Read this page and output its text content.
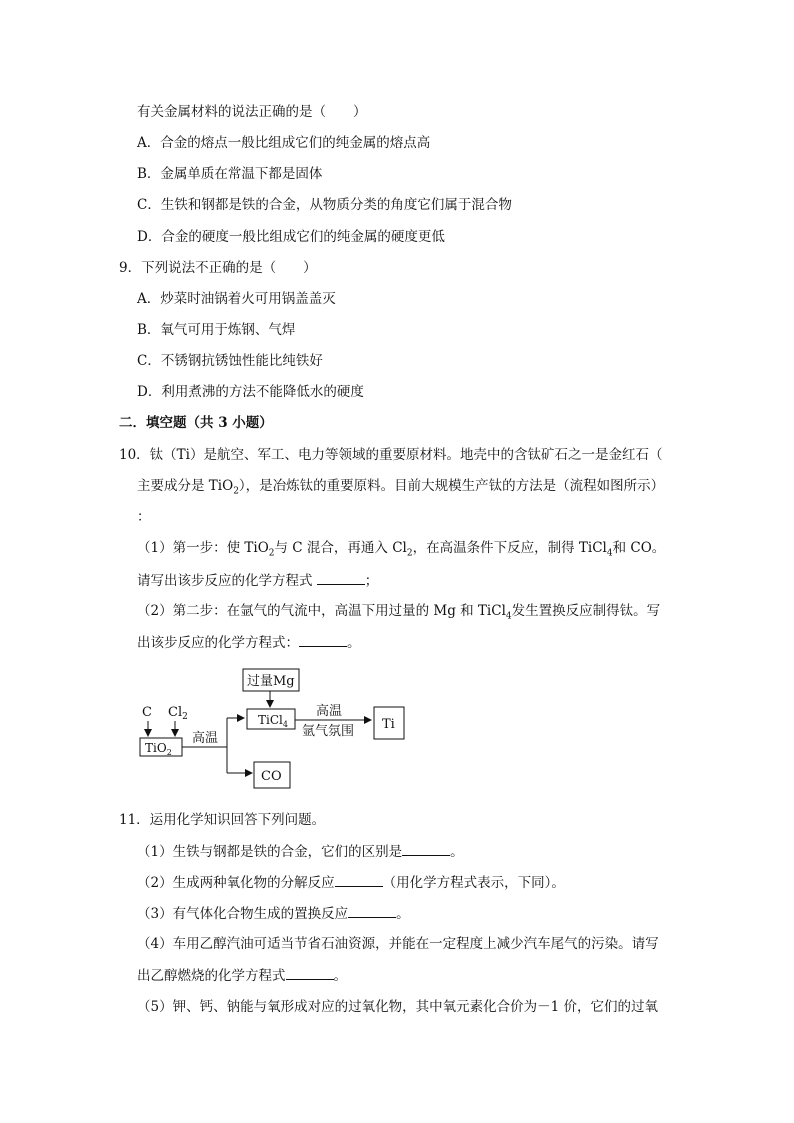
有关金属材料的说法正确的是（　　）
A．合金的熔点一般比组成它们的纯金属的熔点高
B．金属单质在常温下都是固体
C．生铁和钢都是铁的合金，从物质分类的角度它们属于混合物
D．合金的硬度一般比组成它们的纯金属的硬度更低
9．下列说法不正确的是（　　）
A．炒菜时油锅着火可用锅盖盖灭
B．氧气可用于炼钢、气焊
C．不锈钢抗锈蚀性能比纯铁好
D．利用煮沸的方法不能降低水的硬度
二．填空题（共 3 小题）
10．钛（Ti）是航空、军工、电力等领域的重要原材料。地壳中的含钛矿石之一是金红石（
主要成分是 TiO$_2$），是冶炼钛的重要原料。目前大规模生产钛的方法是（流程如图所示）
：
（1）第一步：使 TiO$_2$与 C 混合，再通入 $Cl_2$，在高温条件下反应，制得 TiCl$_4$和 CO。
请写出该步反应的化学方程式	；
（2）第二步：在氩气的气流中，高温下用过量的 Mg 和 TiCl$_4$发生置换反应制得钛。写
出该步反应的化学方程式：	。
C $Cl_2$
TiO$_2$
高温
过量Mg
TiCl$_4$
高温
氩气氛围 Ti
CO
11．运用化学知识回答下列问题。
（1）生铁与钢都是铁的合金，它们的区别是	。
（2）生成两种氧化物的分解反应	（用化学方程式表示，下同）。
（3）有气体化合物生成的置换反应	。
（4）车用乙醇汽油可适当节省石油资源，并能在一定程度上减少汽车尾气的污染。请写
出乙醇燃烧的化学方程式	。
（5）钾、钙、钠能与氧形成对应的过氧化物，其中氧元素化合价为－1 价，它们的过氧
